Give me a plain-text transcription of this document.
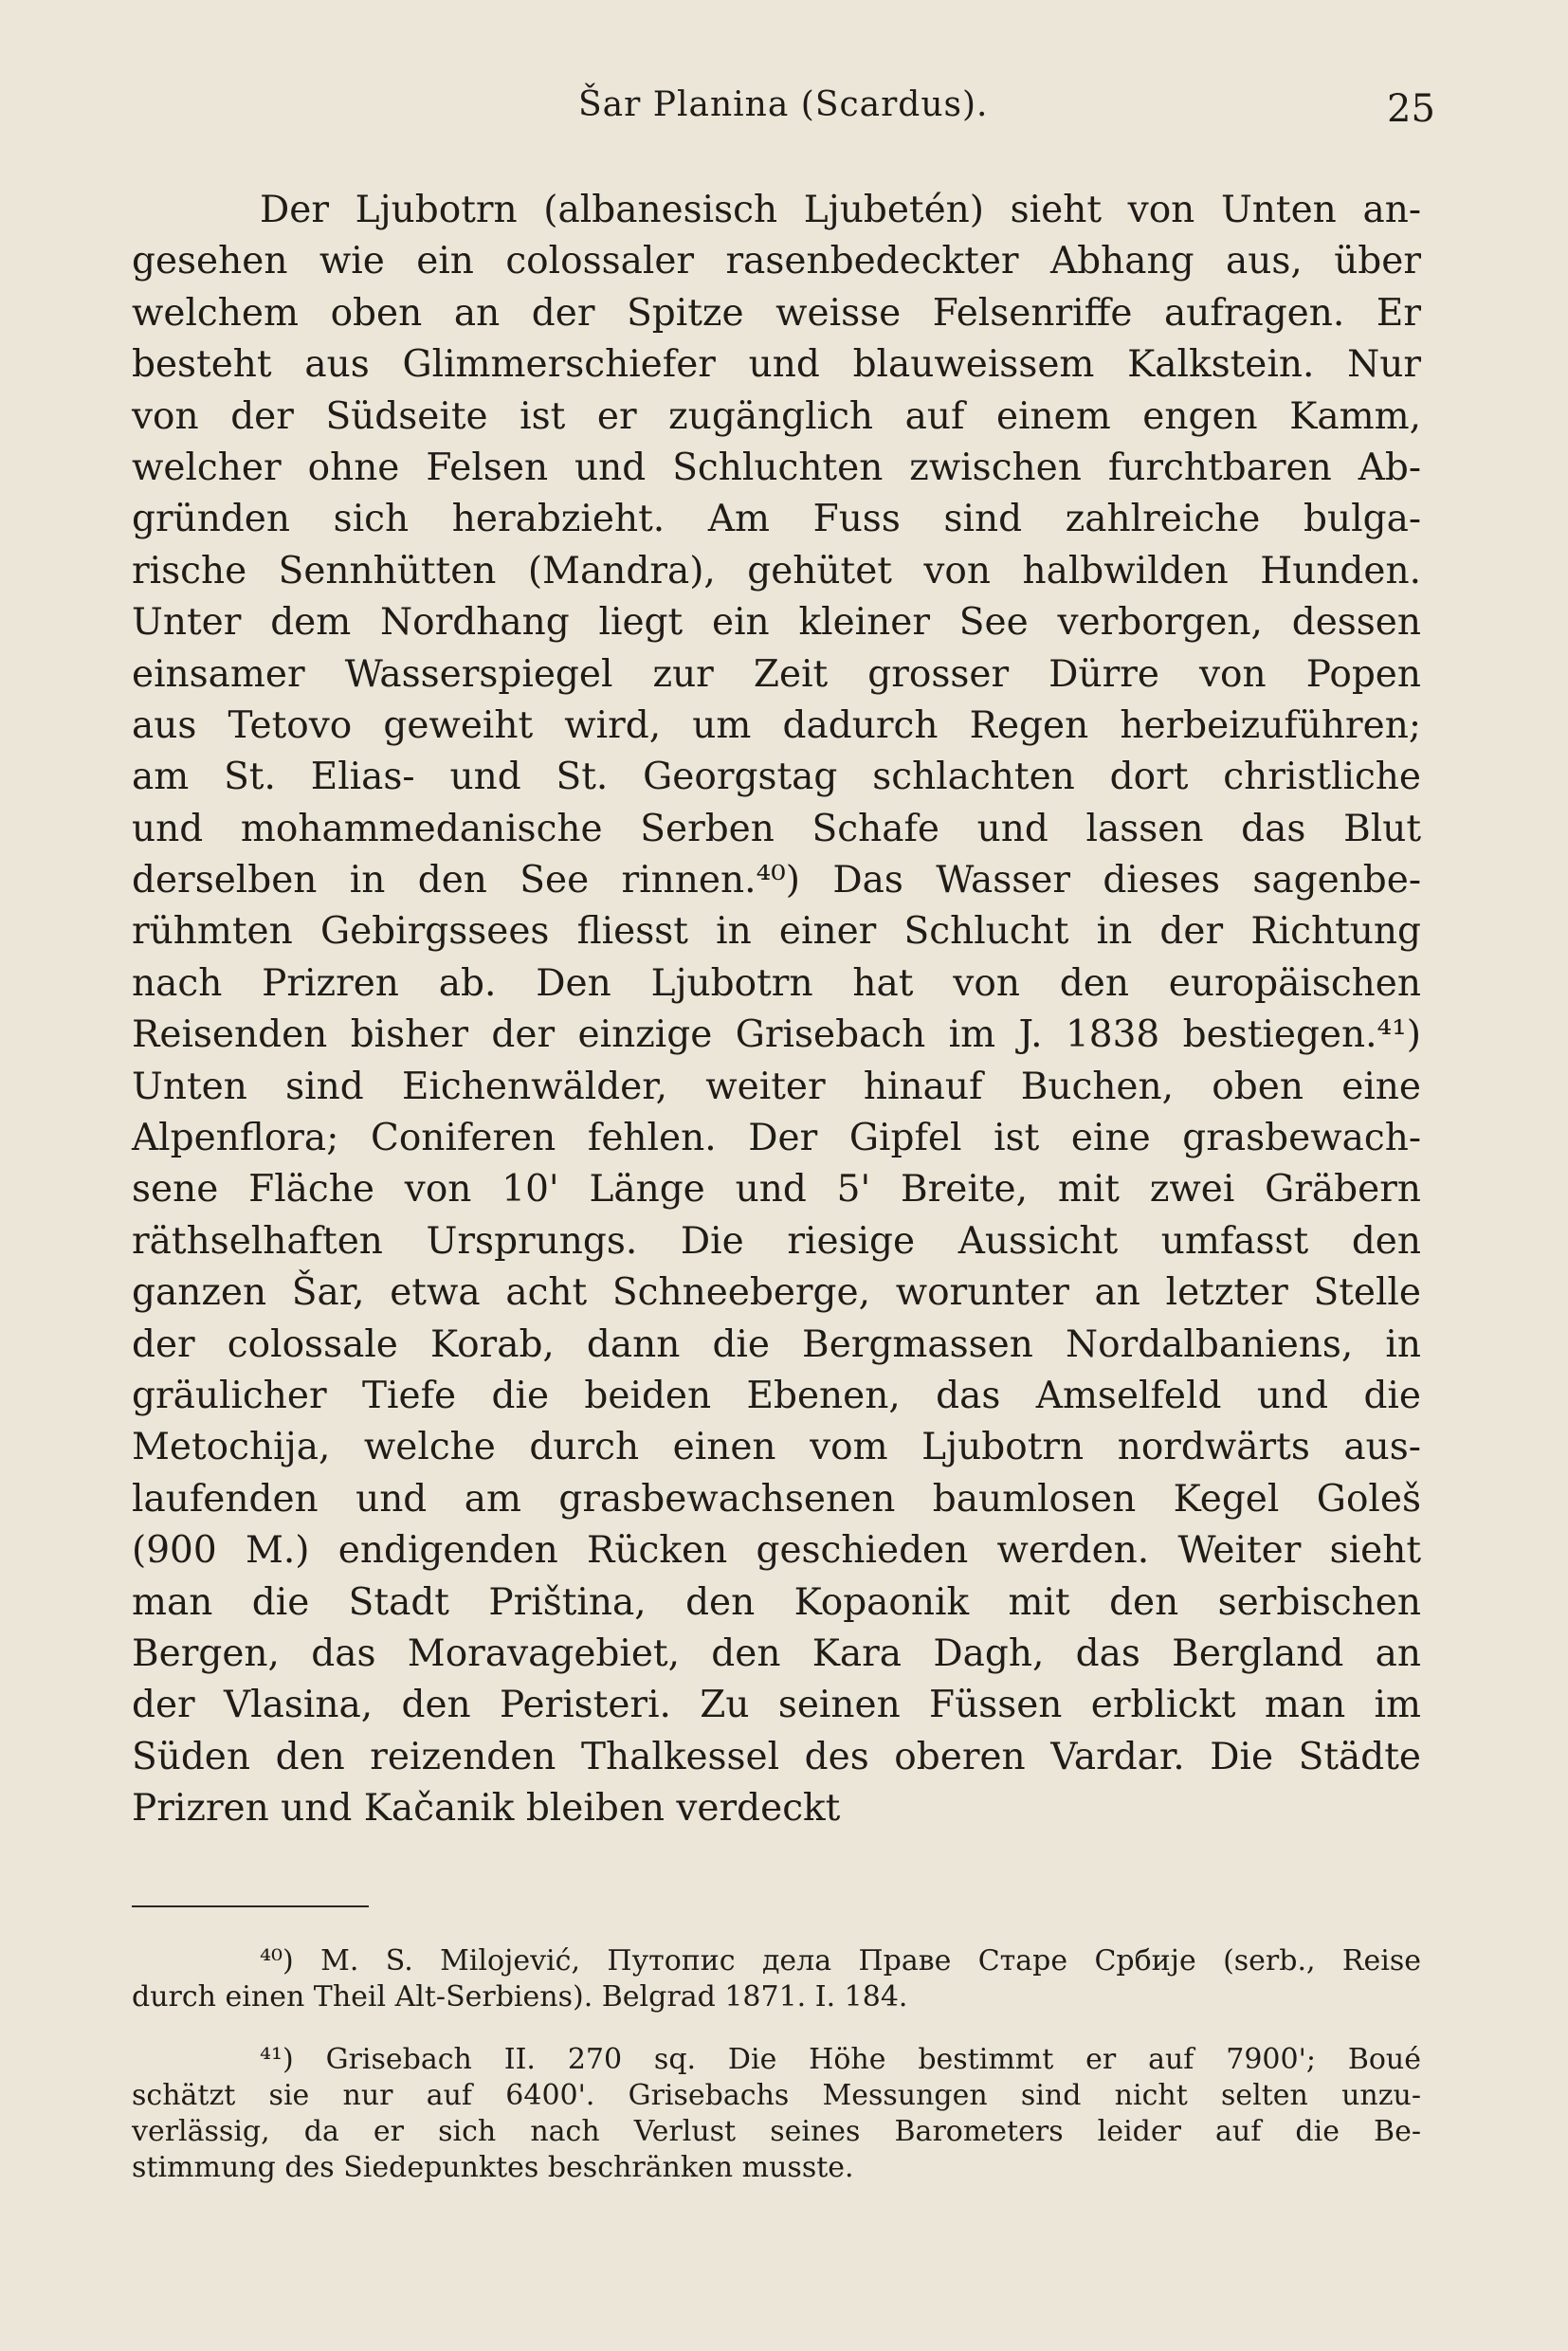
Šar Planina (Scardus).	25
Der Ljubotrn (albanesisch Ljubetén) sieht von Unten an-
gesehen wie ein colossaler rasenbedeckter Abhang aus, über
welchem oben an der Spitze weisse Felsenriffe aufragen. Er
besteht aus Glimmerschiefer und blauweissem Kalkstein. Nur
von der Südseite ist er zugänglich auf einem engen Kamm,
welcher ohne Felsen und Schluchten zwischen furchtbaren Ab-
gründen sich herabzieht. Am Fuss sind zahlreiche bulga-
rische Sennhütten (Mandra), gehütet von halbwilden Hunden.
Unter dem Nordhang liegt ein kleiner See verborgen, dessen
einsamer Wasserspiegel zur Zeit grosser Dürre von Popen
aus Tetovo geweiht wird, um dadurch Regen herbeizuführen;
am St. Elias- und St. Georgstag schlachten dort christliche
und mohammedanische Serben Schafe und lassen das Blut
derselben in den See rinnen.⁴⁰) Das Wasser dieses sagenbe-
rühmten Gebirgssees fliesst in einer Schlucht in der Richtung
nach Prizren ab. Den Ljubotrn hat von den europäischen
Reisenden bisher der einzige Grisebach im J. 1838 bestiegen.⁴¹)
Unten sind Eichenwälder, weiter hinauf Buchen, oben eine
Alpenflora; Coniferen fehlen. Der Gipfel ist eine grasbewach-
sene Fläche von 10' Länge und 5' Breite, mit zwei Gräbern
räthselhaften Ursprungs. Die riesige Aussicht umfasst den
ganzen Šar, etwa acht Schneeberge, worunter an letzter Stelle
der colossale Korab, dann die Bergmassen Nordalbaniens, in
gräulicher Tiefe die beiden Ebenen, das Amselfeld und die
Metochija, welche durch einen vom Ljubotrn nordwärts aus-
laufenden und am grasbewachsenen baumlosen Kegel Goleš
(900 M.) endigenden Rücken geschieden werden. Weiter sieht
man die Stadt Priština, den Kopaonik mit den serbischen
Bergen, das Moravagebiet, den Kara Dagh, das Bergland an
der Vlasina, den Peristeri. Zu seinen Füssen erblickt man im
Süden den reizenden Thalkessel des oberen Vardar. Die Städte
Prizren und Kačanik bleiben verdeckt
⁴⁰) M. S. Milojević, Путопис дела Праве Старе Србије (serb., Reise
durch einen Theil Alt-Serbiens). Belgrad 1871. I. 184.
⁴¹) Grisebach II. 270 sq. Die Höhe bestimmt er auf 7900'; Boué
schätzt sie nur auf 6400'. Grisebachs Messungen sind nicht selten unzu-
verlässig, da er sich nach Verlust seines Barometers leider auf die Be-
stimmung des Siedepunktes beschränken musste.
